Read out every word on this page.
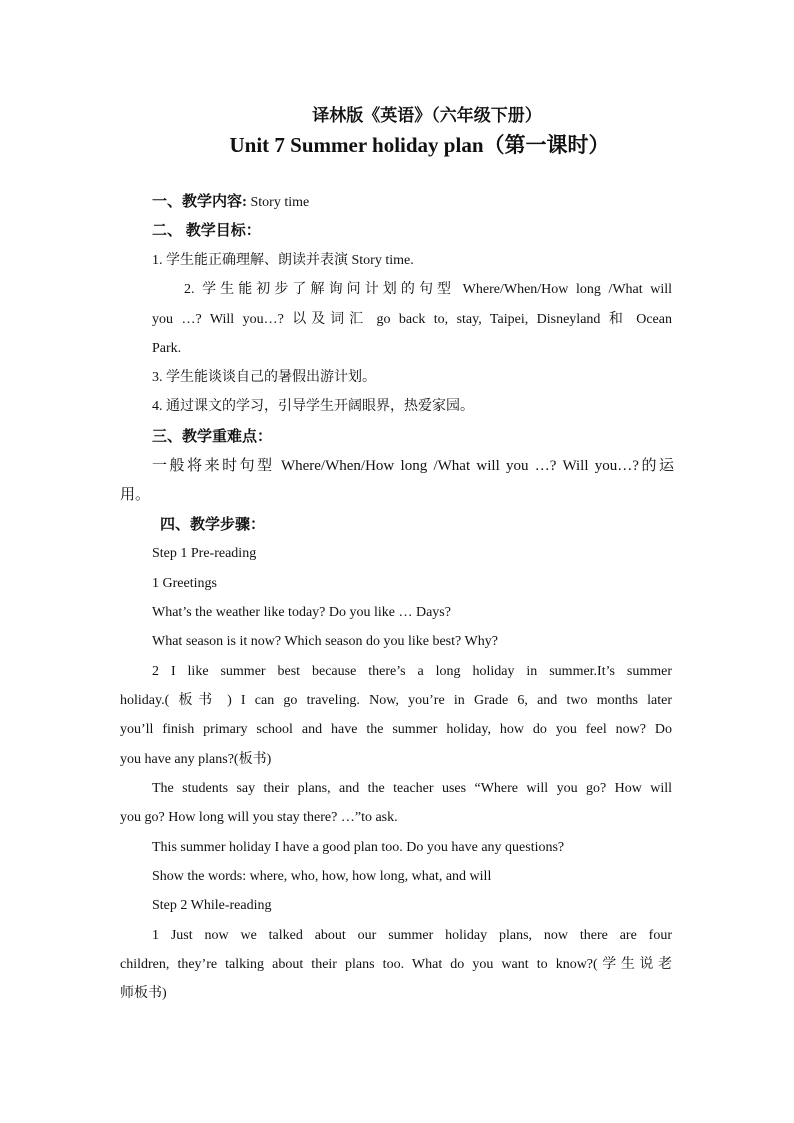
译林版《英语》（六年级下册）
Unit 7 Summer holiday plan（第一课时）
一、教学内容: Story time
二、 教学目标：
1. 学生能正确理解、朗读并表演 Story time.
2. 学生能初步了解询问计划的句型 Where/When/How long /What will
you …? Will you…? 以及词汇 go back to, stay, Taipei, Disneyland 和 Ocean
Park.
3. 学生能谈谈自己的暑假出游计划。
4. 通过课文的学习，引导学生开阔眼界，热爱家园。
三、教学重难点：
一般将来时句型 Where/When/How long /What will you …? Will you…?的运
用。
四、教学步骤：
Step 1 Pre-reading
1 Greetings
What’s the weather like today? Do you like … Days?
What season is it now? Which season do you like best? Why?
2 I like summer best because there’s a long holiday in summer.It’s summer
holiday.( 板书 ) I can go traveling. Now, you’re in Grade 6, and two months later
you’ll finish primary school and have the summer holiday, how do you feel now? Do
you have any plans?(板书)
The students say their plans, and the teacher uses “Where will you go? How will
you go? How long will you stay there? …”to ask.
This summer holiday I have a good plan too. Do you have any questions?
Show the words: where, who, how, how long, what, and will
Step 2 While-reading
1 Just now we talked about our summer holiday plans, now there are four
children, they’re talking about their plans too. What do you want to know?(学生说老
师板书)
